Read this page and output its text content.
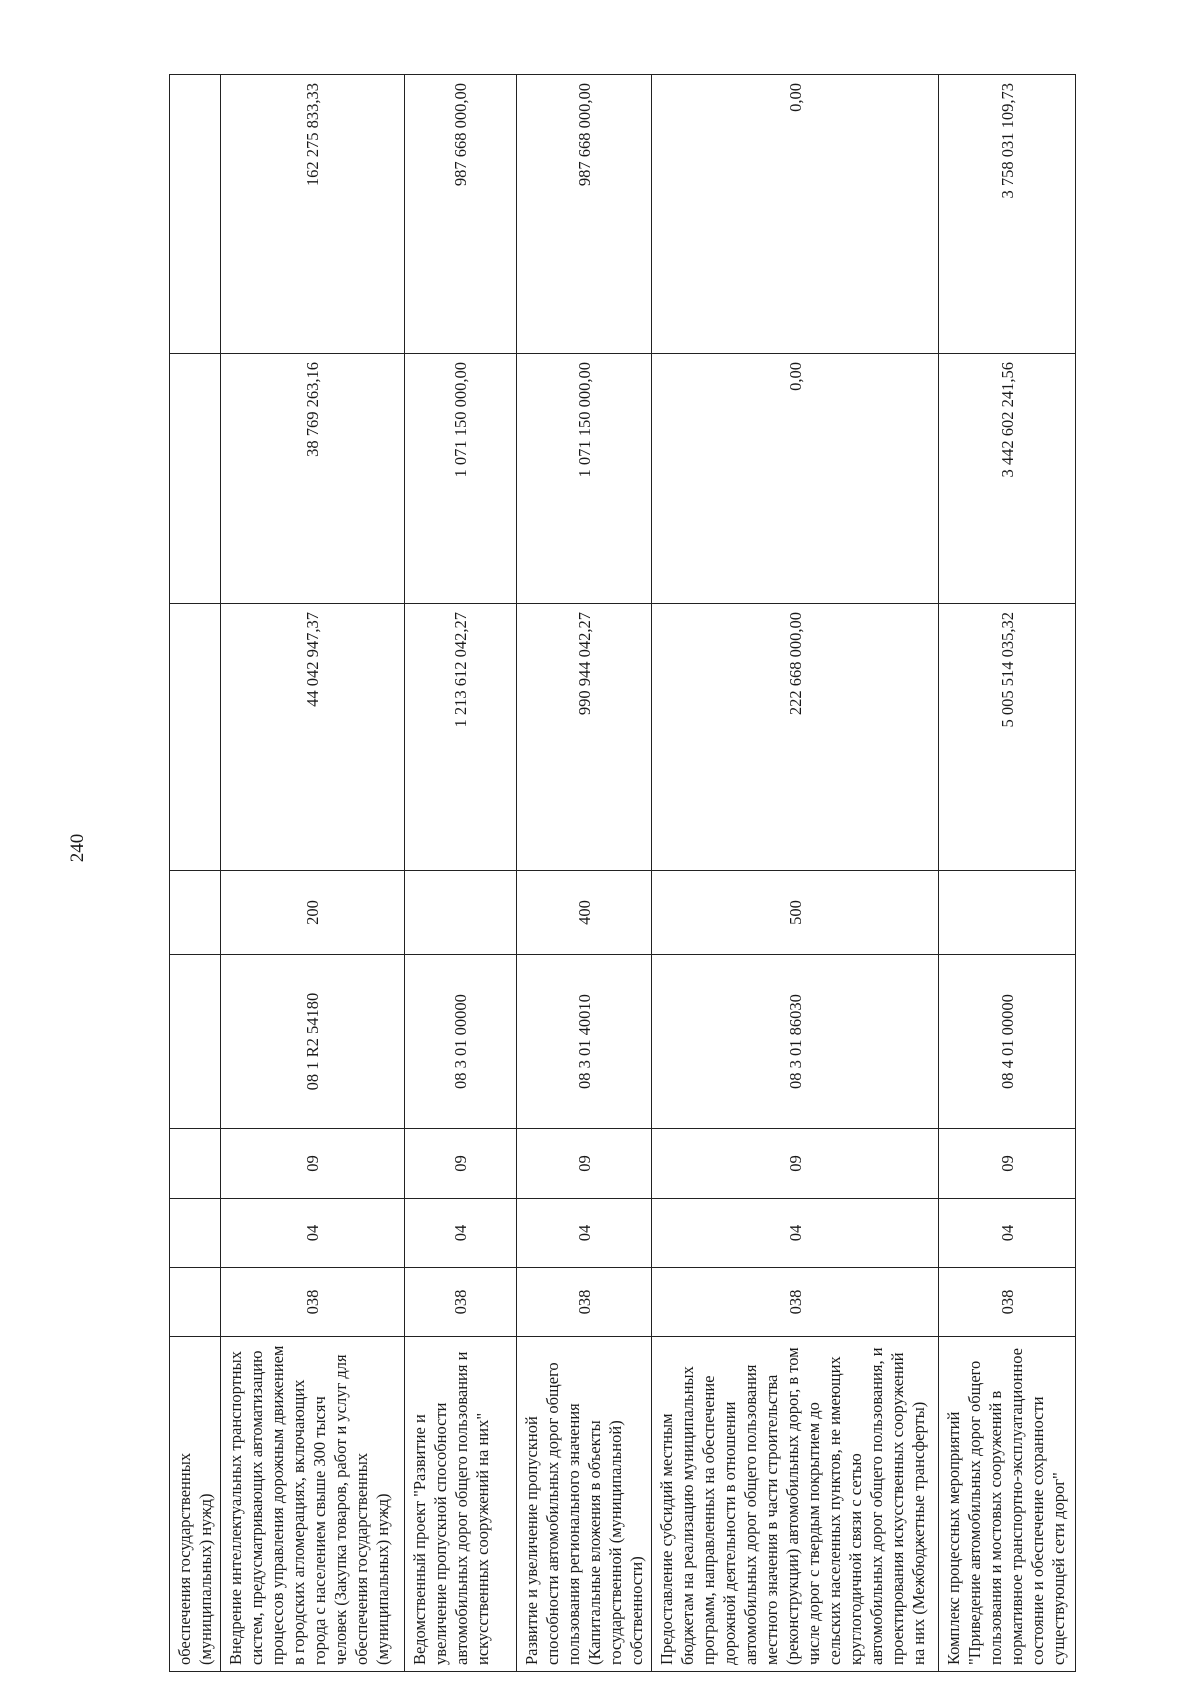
240
обеспечения государственных (муниципальных) нужд)								
Внедрение интеллектуальных транспортных систем, предусматривающих автоматизацию процессов управления дорожным движением в городских агломерациях, включающих города с населением свыше 300 тысяч человек (Закупка товаров, работ и услуг для обеспечения государственных (муниципальных) нужд)	038	04	09	08 1 R2 54180	200	44 042 947,37	38 769 263,16	162 275 833,33
Ведомственный проект "Развитие и увеличение пропускной способности автомобильных дорог общего пользования и искусственных сооружений на них"	038	04	09	08 3 01 00000		1 213 612 042,27	1 071 150 000,00	987 668 000,00
Развитие и увеличение пропускной способности автомобильных дорог общего пользования регионального значения (Капитальные вложения в объекты государственной (муниципальной) собственности)	038	04	09	08 3 01 40010	400	990 944 042,27	1 071 150 000,00	987 668 000,00
Предоставление субсидий местным бюджетам на реализацию муниципальных программ, направленных на обеспечение дорожной деятельности в отношении автомобильных дорог общего пользования местного значения в части строительства (реконструкции) автомобильных дорог, в том числе дорог с твердым покрытием до сельских населенных пунктов, не имеющих круглогодичной связи с сетью автомобильных дорог общего пользования, и проектирования искусственных сооружений на них (Межбюджетные трансферты)	038	04	09	08 3 01 86030	500	222 668 000,00	0,00	0,00
Комплекс процессных мероприятий "Приведение автомобильных дорог общего пользования и мостовых сооружений в нормативное транспортно-эксплуатационное состояние и обеспечение сохранности существующей сети дорог"	038	04	09	08 4 01 00000		5 005 514 035,32	3 442 602 241,56	3 758 031 109,73
